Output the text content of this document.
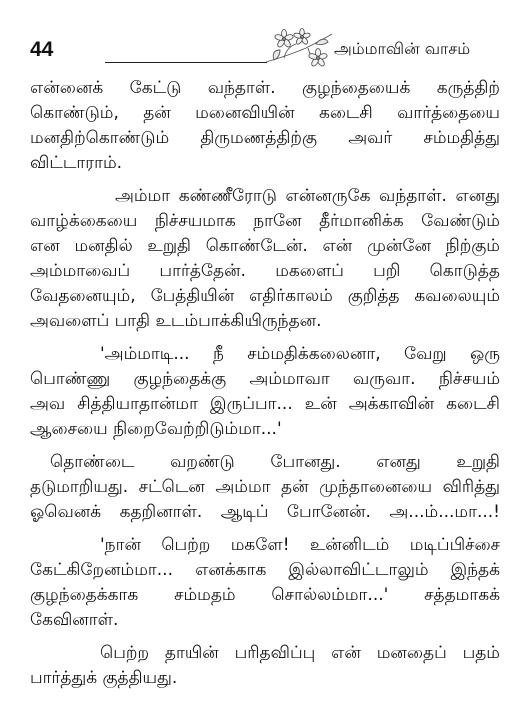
44	அம்மாவின் வாசம்
என்னைக் கேட்டு வந்தாள். குழந்தையைக் கருத்திற்
கொண்டும், தன் மனைவியின் கடைசி வார்த்தையை
மனதிற்கொண்டும் திருமணத்திற்கு அவர் சம்மதித்து
விட்டாராம்.
அம்மா கண்ணீரோடு என்னருகே வந்தாள். எனது
வாழ்க்கையை நிச்சயமாக நானே தீர்மானிக்க வேண்டும்
என மனதில் உறுதி கொண்டேன். என் முன்னே நிற்கும்
அம்மாவைப் பார்த்தேன். மகளைப் பறி கொடுத்த
வேதனையும், பேத்தியின் எதிர்காலம் குறித்த கவலையும்
அவளைப் பாதி உடம்பாக்கியிருந்தன.
'அம்மாடி... நீ சம்மதிக்கலைனா, வேறு ஒரு
பொண்ணு குழந்தைக்கு அம்மாவா வருவா. நிச்சயம்
அவ சித்தியாதான்மா இருப்பா... உன் அக்காவின் கடைசி
ஆசையை நிறைவேற்றிடும்மா...'
தொண்டை வறண்டு போனது. எனது உறுதி
தடுமாறியது. சட்டென அம்மா தன் முந்தானையை விரித்து
ஓவெனக் கதறினாள். ஆடிப் போனேன். அ...ம்...மா...!
'நான் பெற்ற மகளே! உன்னிடம் மடிப்பிச்சை
கேட்கிறேனம்மா... எனக்காக இல்லாவிட்டாலும் இந்தக்
குழந்தைக்காக சம்மதம் சொல்லம்மா...' சத்தமாகக்
கேவினாள்.
பெற்ற தாயின் பரிதவிப்பு என் மனதைப் பதம்
பார்த்துக் குத்தியது.
